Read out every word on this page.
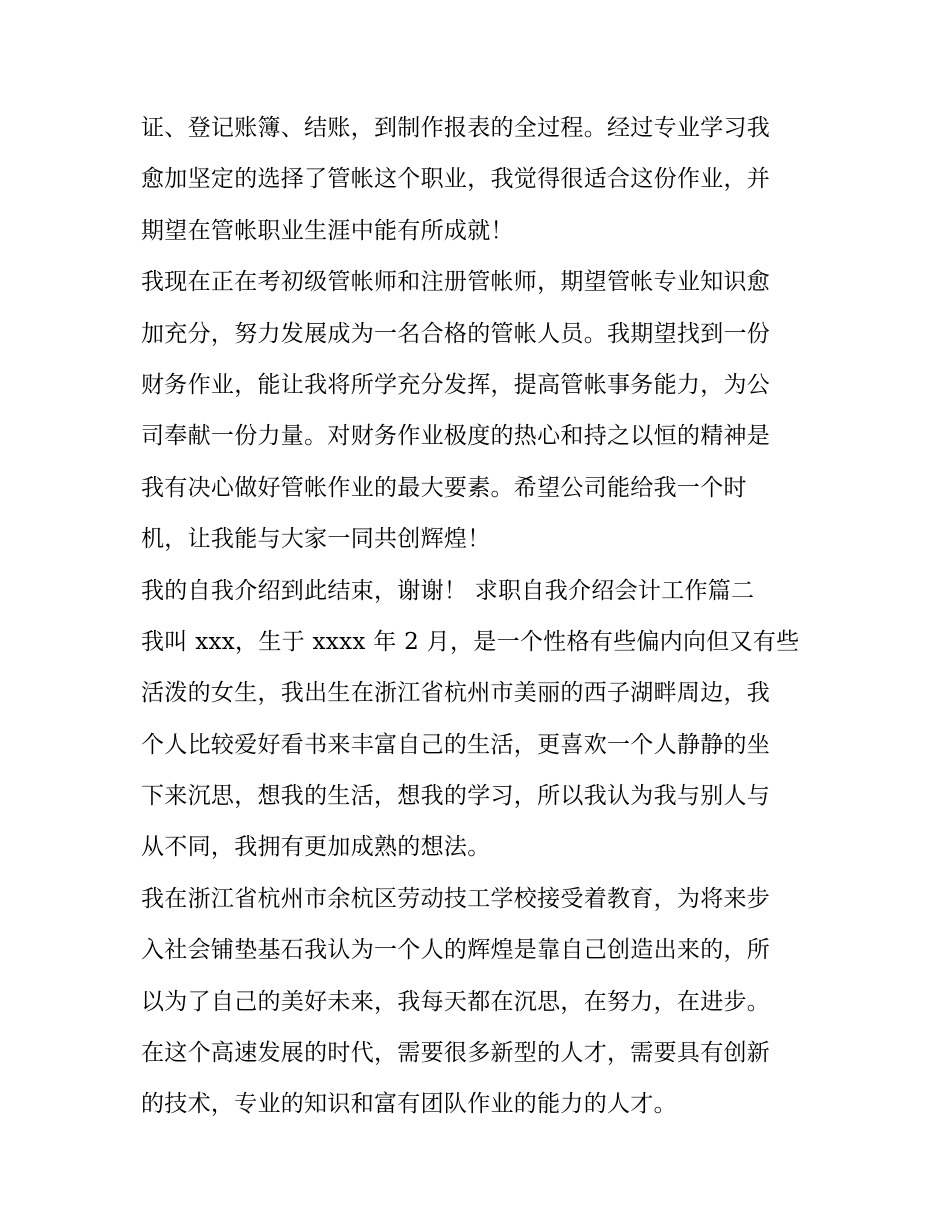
证、登记账簿、结账，到制作报表的全过程。经过专业学习我
愈加坚定的选择了管帐这个职业，我觉得很适合这份作业，并
期望在管帐职业生涯中能有所成就！
我现在正在考初级管帐师和注册管帐师，期望管帐专业知识愈
加充分，努力发展成为一名合格的管帐人员。我期望找到一份
财务作业，能让我将所学充分发挥，提高管帐事务能力，为公
司奉献一份力量。对财务作业极度的热心和持之以恒的精神是
我有决心做好管帐作业的最大要素。希望公司能给我一个时
机，让我能与大家一同共创辉煌！
我的自我介绍到此结束，谢谢！ 求职自我介绍会计工作篇二
我叫 xxx，生于 xxxx 年 2 月，是一个性格有些偏内向但又有些
活泼的女生，我出生在浙江省杭州市美丽的西子湖畔周边，我
个人比较爱好看书来丰富自己的生活，更喜欢一个人静静的坐
下来沉思，想我的生活，想我的学习，所以我认为我与别人与
从不同，我拥有更加成熟的想法。
我在浙江省杭州市余杭区劳动技工学校接受着教育，为将来步
入社会铺垫基石我认为一个人的辉煌是靠自己创造出来的，所
以为了自己的美好未来，我每天都在沉思，在努力，在进步。
在这个高速发展的时代，需要很多新型的人才，需要具有创新
的技术，专业的知识和富有团队作业的能力的人才。
